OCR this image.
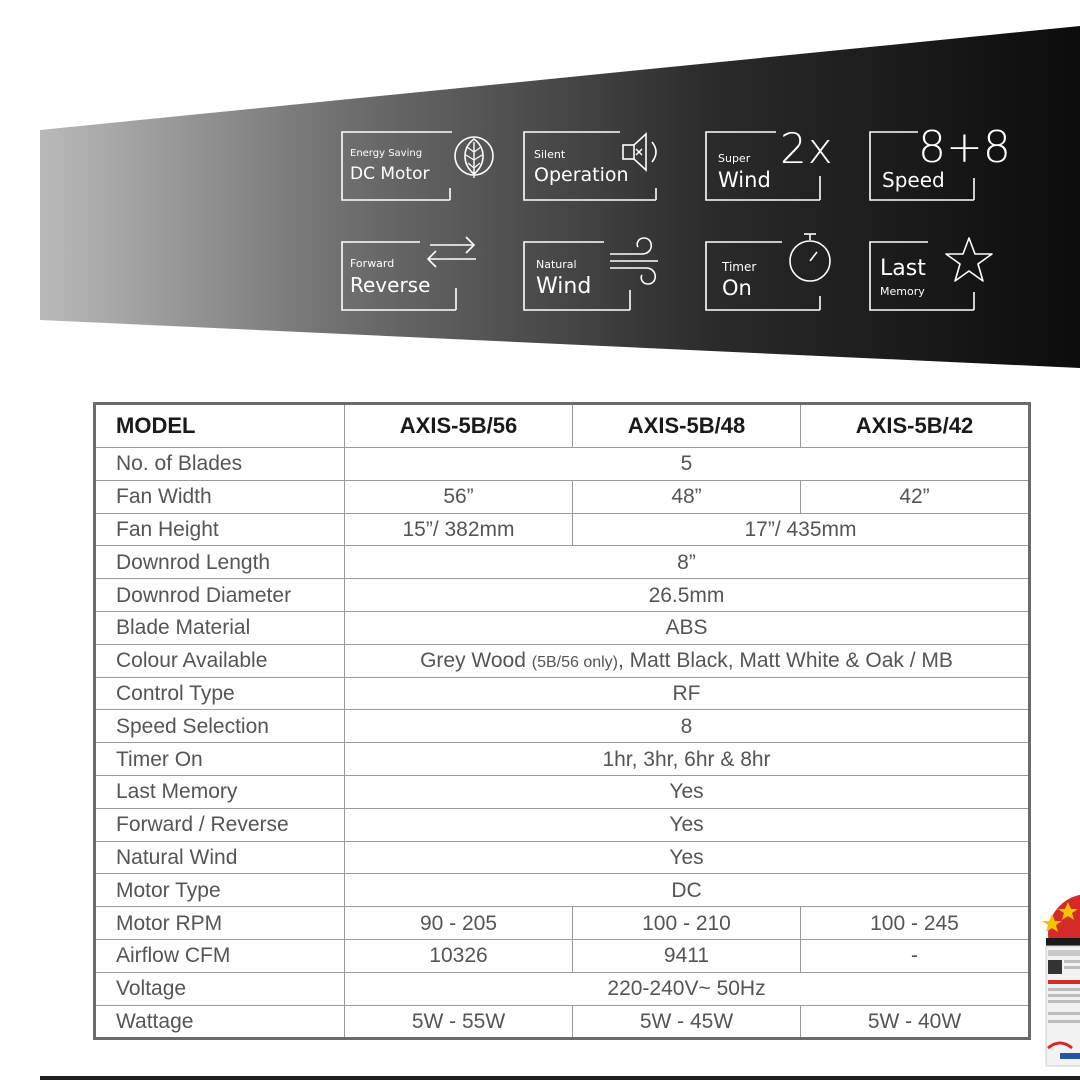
Energy Saving
DC Motor
Silent
Operation
Super
Wind
2x
Speed
8+8
Forward
Reverse
Natural
Wind
Timer
On
Last
Memory
MODEL	AXIS-5B/56	AXIS-5B/48	AXIS-5B/42
No. of Blades	5		
Fan Width	56”	48”	42”
Fan Height	15”/ 382mm	17”/ 435mm	
Downrod Length	8”		
Downrod Diameter	26.5mm		
Blade Material	ABS		
Colour Available	Grey Wood (5B/56 only), Matt Black, Matt White & Oak / MB		
Control Type	RF		
Speed Selection	8		
Timer On	1hr, 3hr, 6hr & 8hr		
Last Memory	Yes		
Forward / Reverse	Yes		
Natural Wind	Yes		
Motor Type	DC		
Motor RPM	90 - 205	100 - 210	100 - 245
Airflow CFM	10326	9411	-
Voltage	220-240V~ 50Hz		
Wattage	5W - 55W	5W - 45W	5W - 40W
